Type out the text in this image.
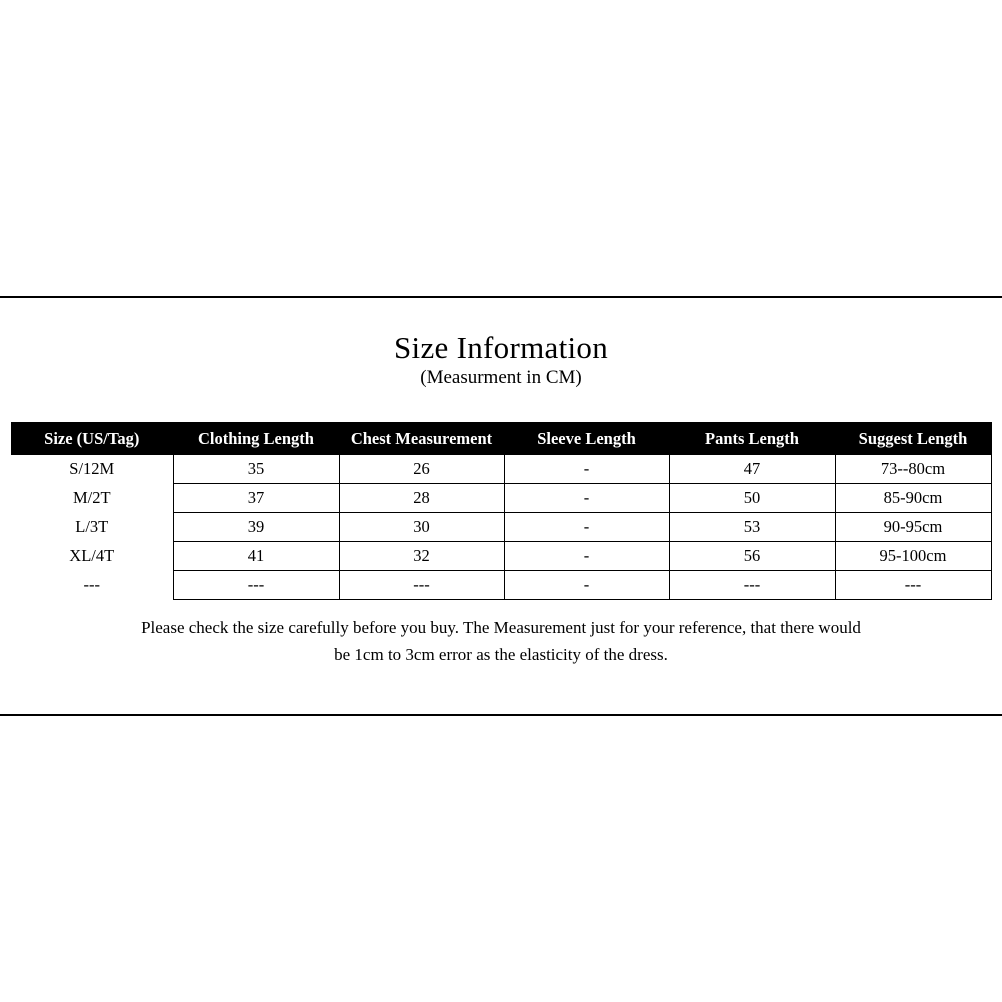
Size Information
(Measurment in CM)
Size (US/Tag)	Clothing Length	Chest Measurement	Sleeve Length	Pants Length	Suggest Length
S/12M	35	26	-	47	73--80cm
M/2T	37	28	-	50	85-90cm
L/3T	39	30	-	53	90-95cm
XL/4T	41	32	-	56	95-100cm
---	---	---	-	---	---
Please check the size carefully before you buy. The Measurement just for your reference, that there would
be 1cm to 3cm error as the elasticity of the dress.
